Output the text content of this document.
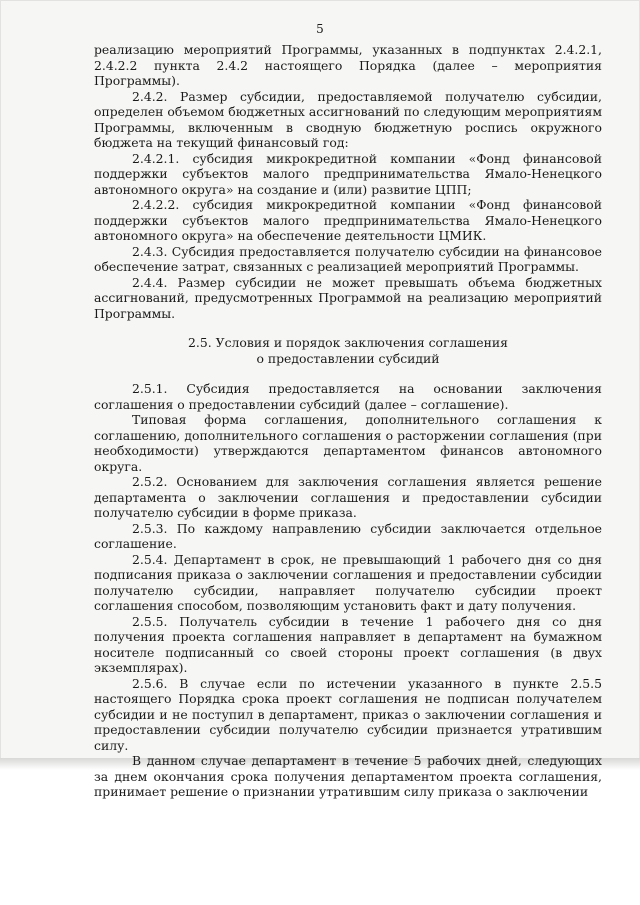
5

реализацию мероприятий Программы, указанных в подпунктах 2.4.2.1, 2.4.2.2 пункта 2.4.2 настоящего Порядка (далее – мероприятия Программы).

2.4.2. Размер субсидии, предоставляемой получателю субсидии, определен объемом бюджетных ассигнований по следующим мероприятиям Программы, включенным в сводную бюджетную роспись окружного бюджета на текущий финансовый год:

2.4.2.1. субсидия микрокредитной компании «Фонд финансовой поддержки субъектов малого предпринимательства Ямало-Ненецкого автономного округа» на создание и (или) развитие ЦПП;

2.4.2.2. субсидия микрокредитной компании «Фонд финансовой поддержки субъектов малого предпринимательства Ямало-Ненецкого автономного округа» на обеспечение деятельности ЦМИК.

2.4.3. Субсидия предоставляется получателю субсидии на финансовое обеспечение затрат, связанных с реализацией мероприятий Программы.

2.4.4. Размер субсидии не может превышать объема бюджетных ассигнований, предусмотренных Программой на реализацию мероприятий Программы.

2.5. Условия и порядок заключения соглашения
о предоставлении субсидий

2.5.1. Субсидия предоставляется на основании заключения соглашения о предоставлении субсидий (далее – соглашение).

Типовая форма соглашения, дополнительного соглашения к соглашению, дополнительного соглашения о расторжении соглашения (при необходимости) утверждаются департаментом финансов автономного округа.

2.5.2. Основанием для заключения соглашения является решение департамента о заключении соглашения и предоставлении субсидии получателю субсидии в форме приказа.

2.5.3. По каждому направлению субсидии заключается отдельное соглашение.

2.5.4. Департамент в срок, не превышающий 1 рабочего дня со дня подписания приказа о заключении соглашения и предоставлении субсидии получателю субсидии, направляет получателю субсидии проект соглашения способом, позволяющим установить факт и дату получения.

2.5.5. Получатель субсидии в течение 1 рабочего дня со дня получения проекта соглашения направляет в департамент на бумажном носителе подписанный со своей стороны проект соглашения (в двух экземплярах).

2.5.6. В случае если по истечении указанного в пункте 2.5.5 настоящего Порядка срока проект соглашения не подписан получателем субсидии и не поступил в департамент, приказ о заключении соглашения и предоставлении субсидии получателю субсидии признается утратившим силу.

В данном случае департамент в течение 5 рабочих дней, следующих за днем окончания срока получения департаментом проекта соглашения, принимает решение о признании утратившим силу приказа о заключении
